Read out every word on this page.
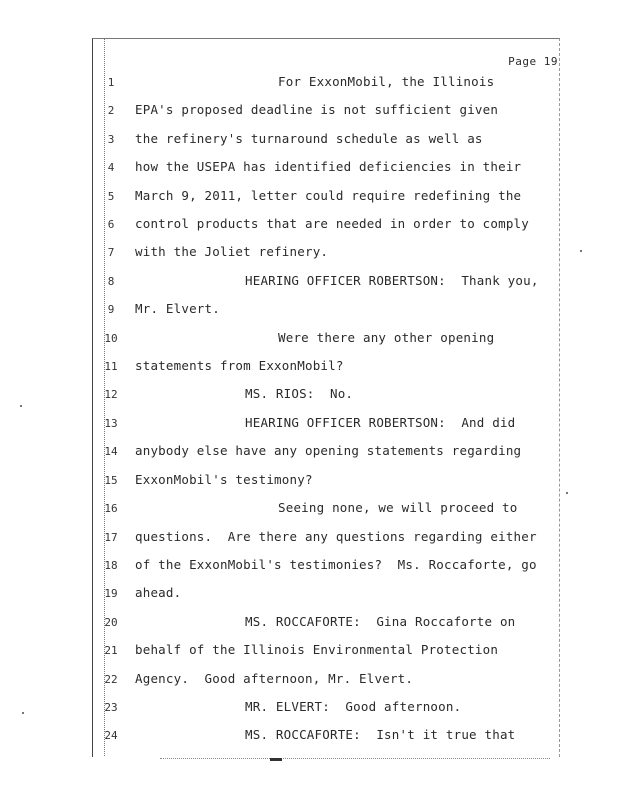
Page 19
1	For ExxonMobil, the Illinois
2	EPA's proposed deadline is not sufficient given
3	the refinery's turnaround schedule as well as
4	how the USEPA has identified deficiencies in their
5	March 9, 2011, letter could require redefining the
6	control products that are needed in order to comply
7	with the Joliet refinery.
8	HEARING OFFICER ROBERTSON:  Thank you,
9	Mr. Elvert.
10	Were there any other opening
11	statements from ExxonMobil?
12	MS. RIOS:  No.
13	HEARING OFFICER ROBERTSON:  And did
14	anybody else have any opening statements regarding
15	ExxonMobil's testimony?
16	Seeing none, we will proceed to
17	questions.  Are there any questions regarding either
18	of the ExxonMobil's testimonies?  Ms. Roccaforte, go
19	ahead.
20	MS. ROCCAFORTE:  Gina Roccaforte on
21	behalf of the Illinois Environmental Protection
22	Agency.  Good afternoon, Mr. Elvert.
23	MR. ELVERT:  Good afternoon.
24	MS. ROCCAFORTE:  Isn't it true that
